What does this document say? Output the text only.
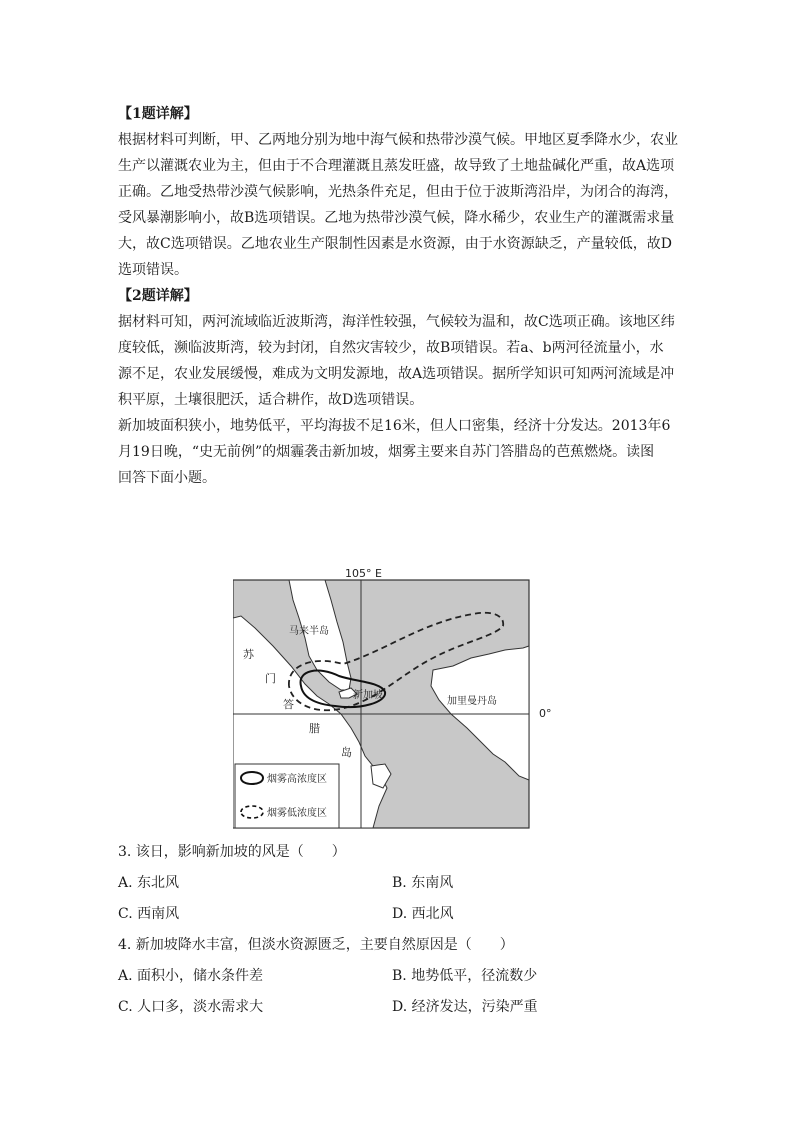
【1题详解】
根据材料可判断，甲、乙两地分别为地中海气候和热带沙漠气候。甲地区夏季降水少，农业
生产以灌溉农业为主，但由于不合理灌溉且蒸发旺盛，故导致了土地盐碱化严重，故A选项
正确。乙地受热带沙漠气候影响，光热条件充足，但由于位于波斯湾沿岸，为闭合的海湾，
受风暴潮影响小，故B选项错误。乙地为热带沙漠气候，降水稀少，农业生产的灌溉需求量
大，故C选项错误。乙地农业生产限制性因素是水资源，由于水资源缺乏，产量较低，故D
选项错误。
【2题详解】
据材料可知，两河流域临近波斯湾，海洋性较强，气候较为温和，故C选项正确。该地区纬
度较低，濒临波斯湾，较为封闭，自然灾害较少，故B项错误。若a、b两河径流量小，水
源不足，农业发展缓慢，难成为文明发源地，故A选项错误。据所学知识可知两河流域是冲
积平原，土壤很肥沃，适合耕作，故D选项错误。
新加坡面积狭小，地势低平，平均海拔不足16米，但人口密集，经济十分发达。2013年6
月19日晚，“史无前例”的烟霾袭击新加坡，烟雾主要来自苏门答腊岛的芭蕉燃烧。读图
回答下面小题。
105° E
0°
马来半岛
苏
门
答
腊
岛
新加坡
加里曼丹岛
烟雾高浓度区
烟雾低浓度区
3. 该日，影响新加坡的风是（　　）
A. 东北风	B. 东南风
C. 西南风	D. 西北风
4. 新加坡降水丰富，但淡水资源匮乏，主要自然原因是（　　）
A. 面积小，储水条件差	B. 地势低平，径流数少
C. 人口多，淡水需求大	D. 经济发达，污染严重
